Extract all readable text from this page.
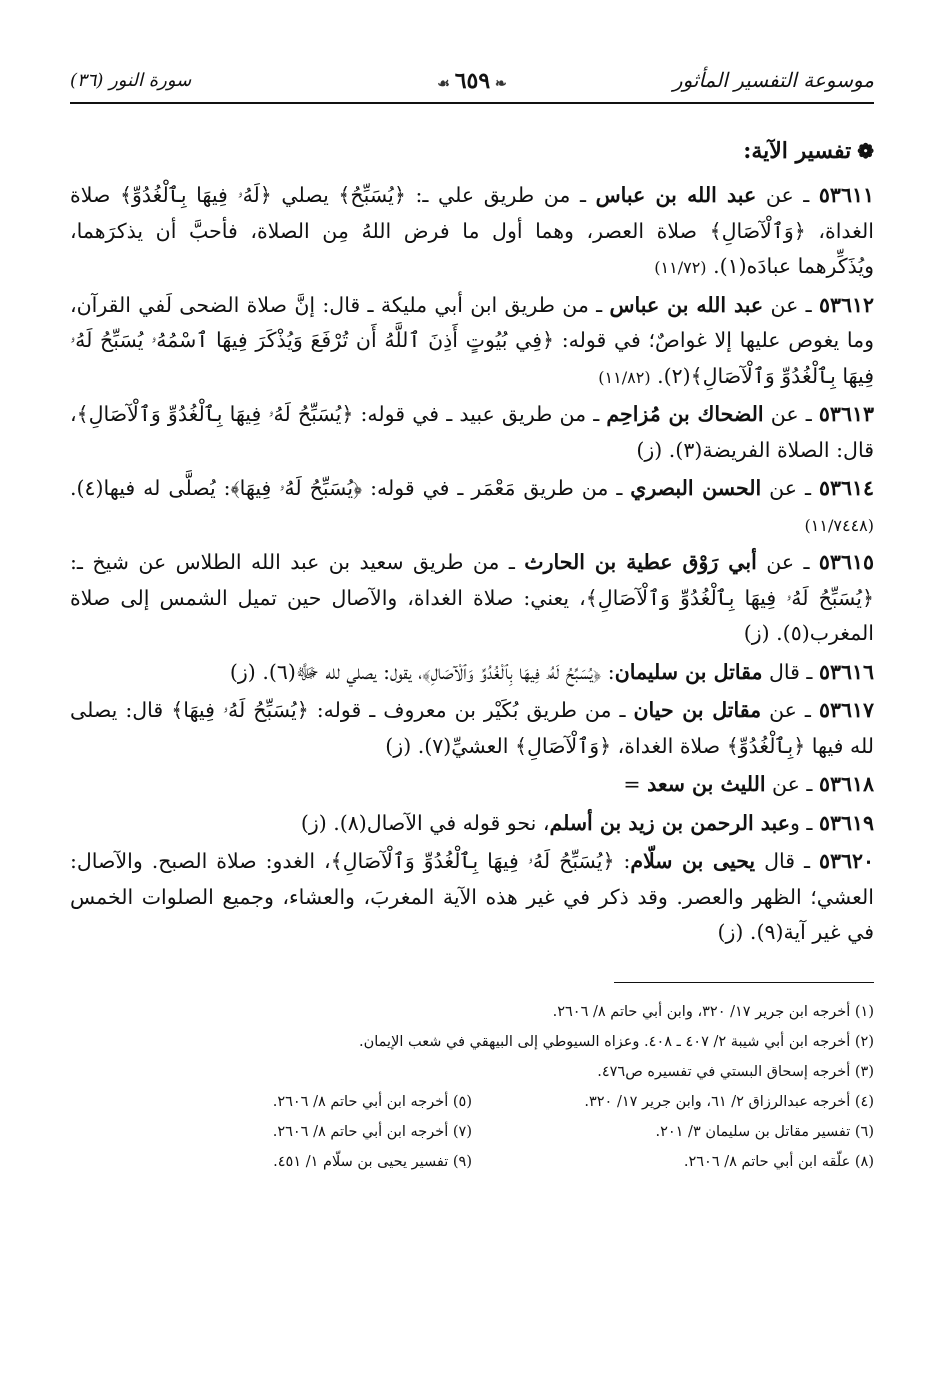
موسوعة التفسير المأثور
❧ ٦٥٩ ☙
سورة النور (٣٦)
❁تفسير الآية:

٥٣٦١١ ـ عن عبد الله بن عباس ـ من طريق علي ـ: ﴿يُسَبِّحُ﴾ يصلي ﴿لَهُۥ فِيهَا بِٱلْغُدُوِّ﴾ صلاة الغداة، ﴿وَٱلْآصَالِ﴾ صلاة العصر، وهما أول ما فرض اللهُ مِن الصلاة، فأحبَّ أن يذكرَهما، ويُذَكِّرهما عبادَه(١). (١١/٧٢)

٥٣٦١٢ ـ عن عبد الله بن عباس ـ من طريق ابن أبي مليكة ـ قال: إنَّ صلاة الضحى لَفي القرآن، وما يغوص عليها إلا غواصٌ؛ في قوله: ﴿فِي بُيُوتٍ أَذِنَ ٱللَّهُ أَن تُرْفَعَ وَيُذْكَرَ فِيهَا ٱسْمُهُۥ يُسَبِّحُ لَهُۥ فِيهَا بِٱلْغُدُوِّ وَٱلْآصَالِ﴾(٢). (١١/٨٢)

٥٣٦١٣ ـ عن الضحاك بن مُزاحِم ـ من طريق عبيد ـ في قوله: ﴿يُسَبِّحُ لَهُۥ فِيهَا بِٱلْغُدُوِّ وَٱلْآصَالِ﴾، قال: الصلاة الفريضة(٣). (ز)

٥٣٦١٤ ـ عن الحسن البصري ـ من طريق مَعْمَر ـ في قوله: ﴿يُسَبِّحُ لَهُۥ فِيهَا﴾: يُصلَّى له فيها(٤). (١١/٧٤٤٨)

٥٣٦١٥ ـ عن أبي رَوْق عطية بن الحارث ـ من طريق سعيد بن عبد الله الطلاس عن شيخ ـ: ﴿يُسَبِّحُ لَهُۥ فِيهَا بِٱلْغُدُوِّ وَٱلْآصَالِ﴾، يعني: صلاة الغداة، والآصال حين تميل الشمس إلى صلاة المغرب(٥). (ز)

٥٣٦١٦ ـ قال مقاتل بن سليمان: ﴿يُسَبِّحُ لَهُۥ فِيهَا بِٱلْغُدُوِّ وَٱلْآصَالِ﴾، يقول: يصلي لله ﷻ(٦). (ز)

٥٣٦١٧ ـ عن مقاتل بن حيان ـ من طريق بُكَيْر بن معروف ـ قوله: ﴿يُسَبِّحُ لَهُۥ فِيهَا﴾ قال: يصلى لله فيها ﴿بِٱلْغُدُوِّ﴾ صلاة الغداة، ﴿وَٱلْآصَالِ﴾ العشيِّ(٧). (ز)

٥٣٦١٨ ـ عن الليث بن سعد =

٥٣٦١٩ ـ وعبد الرحمن بن زيد بن أسلم، نحو قوله في الآصال(٨). (ز)

٥٣٦٢٠ ـ قال يحيى بن سلّام: ﴿يُسَبِّحُ لَهُۥ فِيهَا بِٱلْغُدُوِّ وَٱلْآصَالِ﴾، الغدو: صلاة الصبح. والآصال: العشي؛ الظهر والعصر. وقد ذكر في غير هذه الآية المغربَ، والعشاء، وجميع الصلوات الخمس في غير آية(٩). (ز)

(١) أخرجه ابن جرير ١٧/ ٣٢٠، وابن أبي حاتم ٨/ ٢٦٠٦.
(٢) أخرجه ابن أبي شيبة ٢/ ٤٠٧ ـ ٤٠٨. وعزاه السيوطي إلى البيهقي في شعب الإيمان.
(٣) أخرجه إسحاق البستي في تفسيره ص٤٧٦.
(٤) أخرجه عبدالرزاق ٢/ ٦١، وابن جرير ١٧/ ٣٢٠.
(٥) أخرجه ابن أبي حاتم ٨/ ٢٦٠٦.
(٦) تفسير مقاتل بن سليمان ٣/ ٢٠١.
(٧) أخرجه ابن أبي حاتم ٨/ ٢٦٠٦.
(٨) علّقه ابن أبي حاتم ٨/ ٢٦٠٦.
(٩) تفسير يحيى بن سلّام ١/ ٤٥١.
